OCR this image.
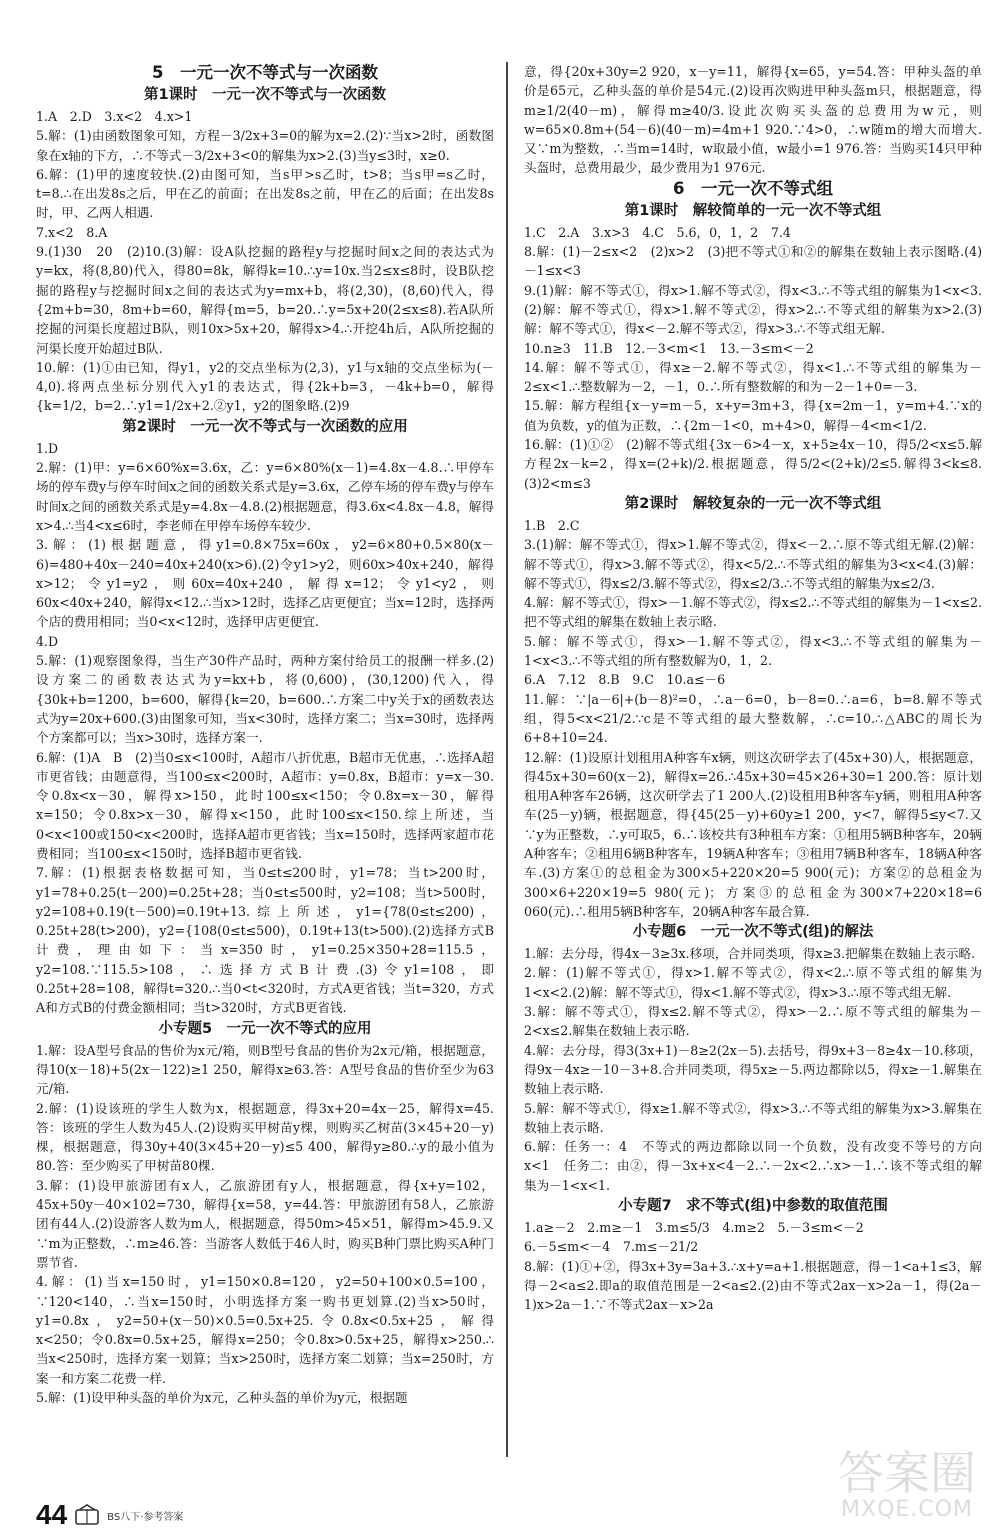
5　一元一次不等式与一次函数

第1课时　一元一次不等式与一次函数

1.A　2.D　3.x<2　4.x>1

5.解：(1)由函数图象可知，方程－3/2x+3=0的解为x=2.(2)∵当x>2时，函数图象在x轴的下方，∴不等式－3/2x+3<0的解集为x>2.(3)当y≤3时，x≥0.

6.解：(1)甲的速度较快.(2)由图可知，当s甲>s乙时，t>8；当s甲=s乙时，t=8.∴在出发8s之后，甲在乙的前面；在出发8s之前，甲在乙的后面；在出发8s时，甲、乙两人相遇.

7.x<2　8.A

9.(1)30　20　(2)10.(3)解：设A队挖掘的路程y与挖掘时间x之间的表达式为y=kx，将(8,80)代入，得80=8k，解得k=10.∴y=10x.当2≤x≤8时，设B队挖掘的路程y与挖掘时间x之间的表达式为y=mx+b，将(2,30)，(8,60)代入，得{2m+b=30，8m+b=60，解得{m=5，b=20.∴y=5x+20(2≤x≤8).若A队所挖掘的河渠长度超过B队，则10x>5x+20，解得x>4.∴开挖4h后，A队所挖掘的河渠长度开始超过B队.

10.解：(1)①由已知，得y1，y2的交点坐标为(2,3)，y1与x轴的交点坐标为(－4,0).将两点坐标分别代入y1的表达式，得{2k+b=3，－4k+b=0，解得{k=1/2，b=2.∴y1=1/2x+2.②y1，y2的图象略.(2)9

第2课时　一元一次不等式与一次函数的应用

1.D

2.解：(1)甲：y=6×60%x=3.6x，乙：y=6×80%(x－1)=4.8x－4.8.∴甲停车场的停车费y与停车时间x之间的函数关系式是y=3.6x，乙停车场的停车费y与停车时间x之间的函数关系式是y=4.8x－4.8.(2)根据题意，得3.6x<4.8x－4.8，解得x>4.∴当4<x≤6时，李老师在甲停车场停车较少.

3.解：(1)根据题意，得y1=0.8×75x=60x，y2=6×80+0.5×80(x－6)=480+40x－240=40x+240(x>6).(2)令y1>y2，则60x>40x+240，解得x>12；令y1=y2，则60x=40x+240，解得x=12；令y1<y2，则60x<40x+240，解得x<12.∴当x>12时，选择乙店更便宜；当x=12时，选择两个店的费用相同；当0<x<12时，选择甲店更便宜.

4.D

5.解：(1)观察图象得，当生产30件产品时，两种方案付给员工的报酬一样多.(2)设方案二的函数表达式为y=kx+b，将(0,600)，(30,1200)代入，得{30k+b=1200，b=600，解得{k=20，b=600.∴方案二中y关于x的函数表达式为y=20x+600.(3)由图象可知，当x<30时，选择方案二；当x=30时，选择两个方案都可以；当x>30时，选择方案一.

6.解：(1)A　B　(2)当0≤x<100时，A超市八折优惠，B超市无优惠，∴选择A超市更省钱；由题意得，当100≤x<200时，A超市：y=0.8x，B超市：y=x－30.令0.8x<x－30，解得x>150，此时100≤x<150；令0.8x=x－30，解得x=150；令0.8x>x－30，解得x<150，此时100≤x<150.综上所述，当0<x<100或150<x<200时，选择A超市更省钱；当x=150时，选择两家超市花费相同；当100≤x<150时，选择B超市更省钱.

7.解：(1)根据表格数据可知，当0≤t≤200时，y1=78；当t>200时，y1=78+0.25(t－200)=0.25t+28；当0≤t≤500时，y2=108；当t>500时，y2=108+0.19(t－500)=0.19t+13.综上所述，y1={78(0≤t≤200)，0.25t+28(t>200)，y2={108(0≤t≤500)，0.19t+13(t>500).(2)选择方式B计费，理由如下：当x=350时，y1=0.25×350+28=115.5，y2=108.∵115.5>108，∴选择方式B计费.(3)令y1=108，即0.25t+28=108，解得t=320.∴当0<t<320时，方式A更省钱；当t=320，方式A和方式B的付费金额相同；当t>320时，方式B更省钱.

小专题5　一元一次不等式的应用

1.解：设A型号食品的售价为x元/箱，则B型号食品的售价为2x元/箱，根据题意，得10(x－18)+5(2x－122)≥1 250，解得x≥63.答：A型号食品的售价至少为63元/箱.

2.解：(1)设该班的学生人数为x，根据题意，得3x+20=4x－25，解得x=45.答：该班的学生人数为45人.(2)设购买甲树苗y棵，则购买乙树苗(3×45+20－y)棵，根据题意，得30y+40(3×45+20－y)≤5 400，解得y≥80.∴y的最小值为80.答：至少购买了甲树苗80棵.

3.解：(1)设甲旅游团有x人，乙旅游团有y人，根据题意，得{x+y=102，45x+50y－40×102=730，解得{x=58，y=44.答：甲旅游团有58人，乙旅游团有44人.(2)设游客人数为m人，根据题意，得50m>45×51，解得m>45.9.又∵m为正整数，∴m≥46.答：当游客人数低于46人时，购买B种门票比购买A种门票节省.

4.解：(1)当x=150时，y1=150×0.8=120，y2=50+100×0.5=100，∵120<140，∴当x=150时，小明选择方案一购书更划算.(2)当x>50时，y1=0.8x，y2=50+(x－50)×0.5=0.5x+25.令0.8x<0.5x+25，解得x<250；令0.8x=0.5x+25，解得x=250；令0.8x>0.5x+25，解得x>250.∴当x<250时，选择方案一划算；当x>250时，选择方案二划算；当x=250时，方案一和方案二花费一样.

5.解：(1)设甲种头盔的单价为x元，乙种头盔的单价为y元，根据题

意，得{20x+30y=2 920，x－y=11，解得{x=65，y=54.答：甲种头盔的单价是65元，乙种头盔的单价是54元.(2)设再次购进甲种头盔m只，根据题意，得m≥1/2(40－m)，解得m≥40/3.设此次购买头盔的总费用为w元，则w=65×0.8m+(54－6)(40－m)=4m+1 920.∵4>0，∴w随m的增大而增大.又∵m为整数，∴当m=14时，w取最小值，w最小=1 976.答：当购买14只甲种头盔时，总费用最少，最少费用为1 976元.

6　一元一次不等式组

第1课时　解较简单的一元一次不等式组

1.C　2.A　3.x>3　4.C　5.6，0，1，2　7.4

8.解：(1)－2≤x<2　(2)x>2　(3)把不等式①和②的解集在数轴上表示图略.(4)－1≤x<3

9.(1)解：解不等式①，得x>1.解不等式②，得x<3.∴不等式组的解集为1<x<3.(2)解：解不等式①，得x>1.解不等式②，得x>2.∴不等式组的解集为x>2.(3)解：解不等式①，得x<－2.解不等式②，得x>3.∴不等式组无解.

10.n≥3　11.B　12.－3<m<1　13.－3≤m<－2

14.解：解不等式①，得x≥－2.解不等式②，得x<1.∴不等式组的解集为－2≤x<1.∴整数解为－2，－1，0.∴所有整数解的和为－2－1+0=－3.

15.解：解方程组{x－y=m－5，x+y=3m+3，得{x=2m－1，y=m+4.∵x的值为负数，y的值为正数，∴{2m－1<0，m+4>0，解得－4<m<1/2.

16.解：(1)①②　(2)解不等式组{3x－6>4－x，x+5≥4x－10，得5/2<x≤5.解方程2x－k=2，得x=(2+k)/2.根据题意，得5/2<(2+k)/2≤5.解得3<k≤8.(3)2<m≤3

第2课时　解较复杂的一元一次不等式组

1.B　2.C

3.(1)解：解不等式①，得x>1.解不等式②，得x<－2.∴原不等式组无解.(2)解：解不等式①，得x>3.解不等式②，得x<5/2.∴不等式组的解集为3<x<4.(3)解：解不等式①，得x≤2/3.解不等式②，得x≤2/3.∴不等式组的解集为x≤2/3.

4.解：解不等式①，得x>－1.解不等式②，得x≤2.∴不等式组的解集为－1<x≤2.把不等式组的解集在数轴上表示略.

5.解：解不等式①，得x>－1.解不等式②，得x<3.∴不等式组的解集为－1<x<3.∴不等式组的所有整数解为0，1，2.

6.A　7.12　8.B　9.C　10.a≤－6

11.解：∵|a－6|+(b－8)²=0，∴a－6=0，b－8=0.∴a=6，b=8.解不等式组，得5<x<21/2.∵c是不等式组的最大整数解，∴c=10.∴△ABC的周长为6+8+10=24.

12.解：(1)设原计划租用A种客车x辆，则这次研学去了(45x+30)人，根据题意，得45x+30=60(x－2)，解得x=26.∴45x+30=45×26+30=1 200.答：原计划租用A种客车26辆，这次研学去了1 200人.(2)设租用B种客车y辆，则租用A种客车(25－y)辆，根据题意，得{45(25－y)+60y≥1 200，y<7，解得5≤y<7.又∵y为正整数，∴y可取5，6.∴该校共有3种租车方案：①租用5辆B种客车，20辆A种客车；②租用6辆B种客车，19辆A种客车；③租用7辆B种客车，18辆A种客车.(3)方案①的总租金为300×5+220×20=5 900(元)；方案②的总租金为300×6+220×19=5 980(元)；方案③的总租金为300×7+220×18=6 060(元).∴租用5辆B种客车，20辆A种客车最合算.

小专题6　一元一次不等式(组)的解法

1.解：去分母，得4x－3≥3x.移项，合并同类项，得x≥3.把解集在数轴上表示略.

2.解：(1)解不等式①，得x>1.解不等式②，得x<2.∴原不等式组的解集为1<x<2.(2)解：解不等式①，得x<1.解不等式②，得x>3.∴原不等式组无解.

3.解：解不等式①，得x≤2.解不等式②，得x>－2.∴原不等式组的解集为－2<x≤2.解集在数轴上表示略.

4.解：去分母，得3(3x+1)－8≥2(2x－5).去括号，得9x+3－8≥4x－10.移项，得9x－4x≥－10－3+8.合并同类项，得5x≥－5.两边都除以5，得x≥－1.解集在数轴上表示略.

5.解：解不等式①，得x≥1.解不等式②，得x>3.∴不等式组的解集为x>3.解集在数轴上表示略.

6.解：任务一：4　不等式的两边都除以同一个负数，没有改变不等号的方向　x<1　任务二：由②，得－3x+x<4－2.∴－2x<2.∴x>－1.∴该不等式组的解集为－1<x<1.

小专题7　求不等式(组)中参数的取值范围

1.a≥－2　2.m≥－1　3.m≤5/3　4.m≥2　5.－3≤m<－2

6.－5≤m<－4　7.m≤－21/2

8.解：(1)①+②，得3x+3y=3a+3.∴x+y=a+1.根据题意，得－1<a+1≤3，解得－2<a≤2.即a的取值范围是－2<a≤2.(2)由不等式2ax－x>2a－1，得(2a－1)x>2a－1.∵不等式2ax－x>2a

44	BS八下·参考答案
答案圈
MXQE.COM
